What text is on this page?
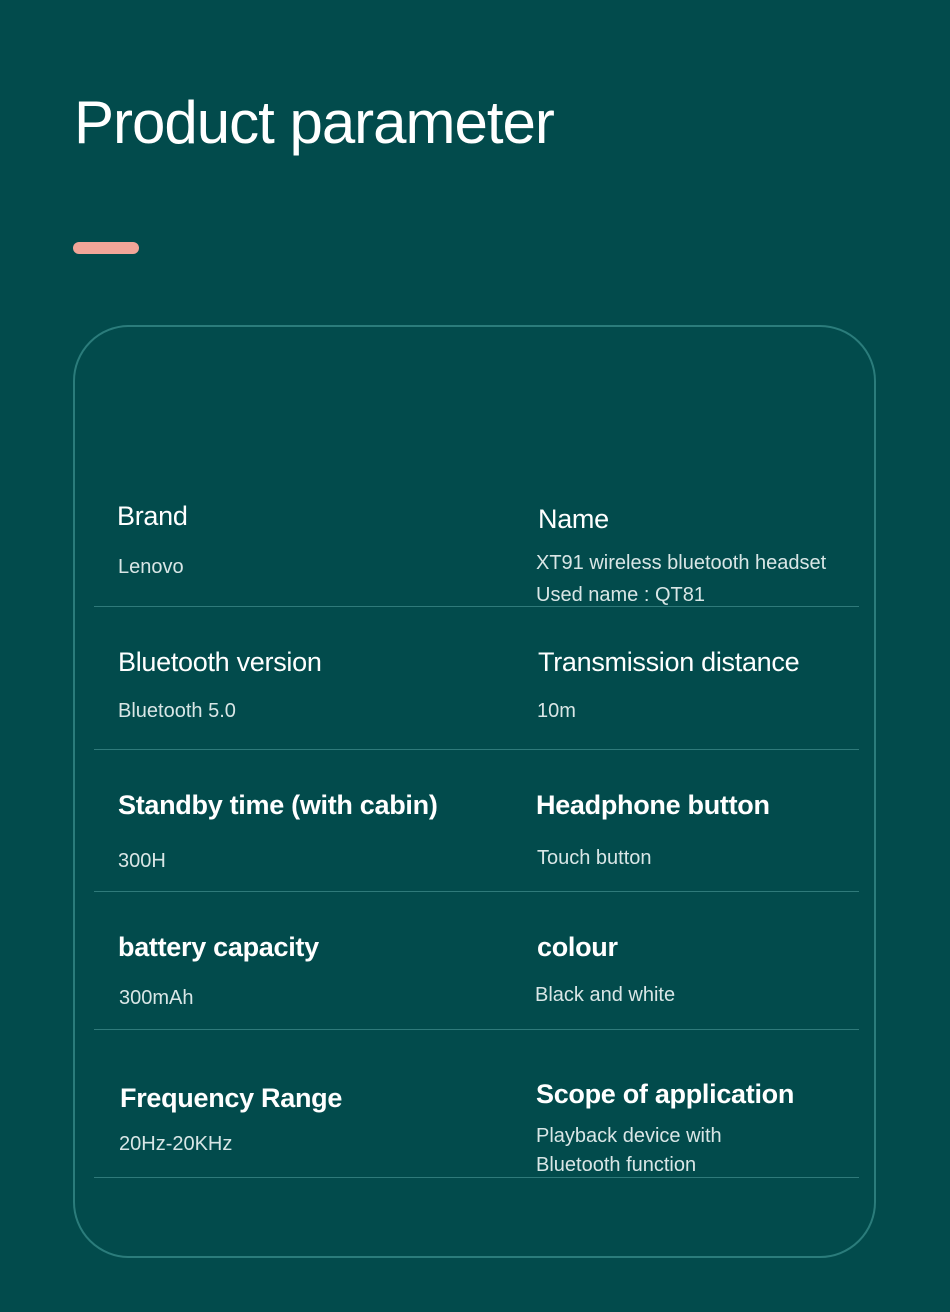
Product parameter
Brand
Lenovo
Name
XT91 wireless bluetooth headset
Used name : QT81
Bluetooth version
Bluetooth 5.0
Transmission distance
10m
Standby time (with cabin)
300H
Headphone button
Touch button
battery capacity
300mAh
colour
Black and white
Frequency Range
20Hz-20KHz
Scope of application
Playback device with
Bluetooth function
